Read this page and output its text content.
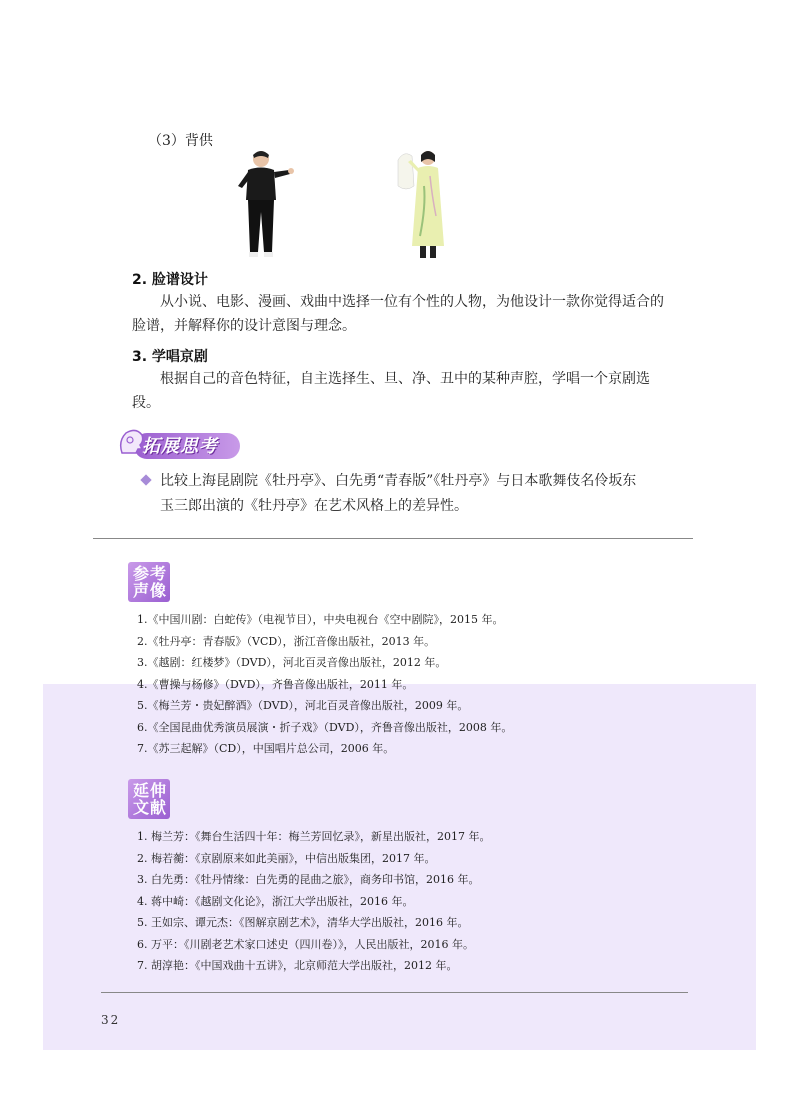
（3）背供
2. 脸谱设计
从小说、电影、漫画、戏曲中选择一位有个性的人物，为他设计一款你觉得适合的脸谱，并解释你的设计意图与理念。
3. 学唱京剧
根据自己的音色特征，自主选择生、旦、净、丑中的某种声腔，学唱一个京剧选段。
拓展思考
比较上海昆剧院《牡丹亭》、白先勇“青春版”《牡丹亭》与日本歌舞伎名伶坂东
玉三郎出演的《牡丹亭》在艺术风格上的差异性。
参考
声像
1.《中国川剧：白蛇传》（电视节目），中央电视台《空中剧院》，2015 年。
2.《牡丹亭：青春版》（VCD），浙江音像出版社，2013 年。
3.《越剧：红楼梦》（DVD），河北百灵音像出版社，2012 年。
4.《曹操与杨修》（DVD），齐鲁音像出版社，2011 年。
5.《梅兰芳・贵妃醉酒》（DVD），河北百灵音像出版社，2009 年。
6.《全国昆曲优秀演员展演・折子戏》（DVD），齐鲁音像出版社，2008 年。
7.《苏三起解》（CD），中国唱片总公司，2006 年。
延伸
文献
1. 梅兰芳：《舞台生活四十年：梅兰芳回忆录》，新星出版社，2017 年。
2. 梅若蘅：《京剧原来如此美丽》，中信出版集团，2017 年。
3. 白先勇：《牡丹情缘：白先勇的昆曲之旅》，商务印书馆，2016 年。
4. 蒋中崎：《越剧文化论》，浙江大学出版社，2016 年。
5. 王如宗、谭元杰：《图解京剧艺术》，清华大学出版社，2016 年。
6. 万平：《川剧老艺术家口述史（四川卷）》，人民出版社，2016 年。
7. 胡淳艳：《中国戏曲十五讲》，北京师范大学出版社，2012 年。
32
